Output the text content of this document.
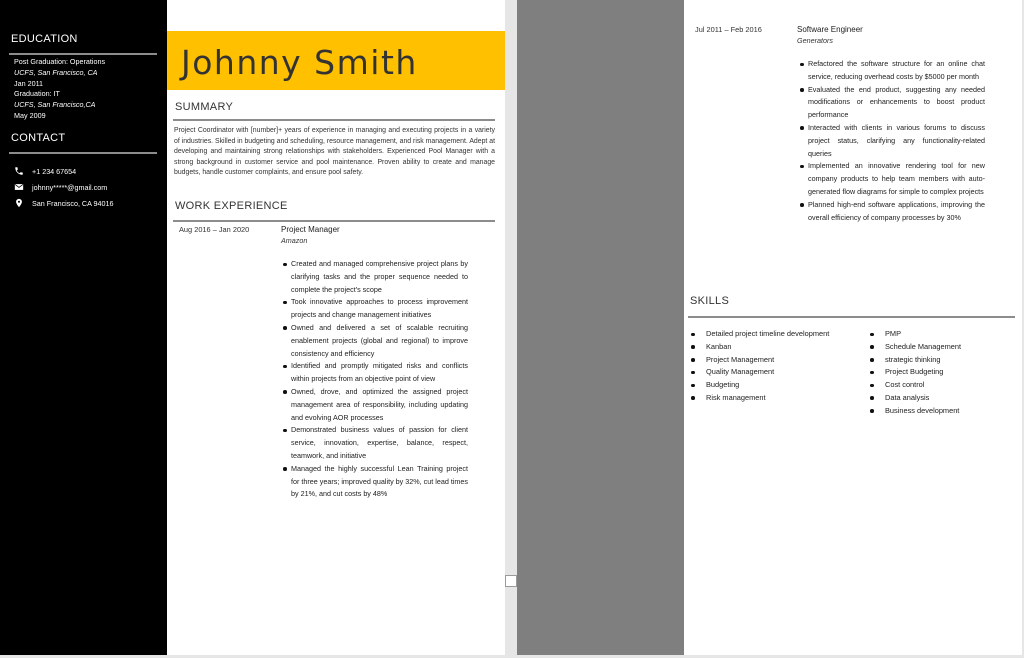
EDUCATION
Post Graduation: Operations
UCFS, San Francisco, CA
Jan 2011
Graduation: IT
UCFS, San Francisco,CA
May 2009
CONTACT
+1 234 67654
johnny*****@gmail.com
San Francisco, CA 94016
Johnny Smith
SUMMARY
Project Coordinator with [number]+ years of experience in managing and executing projects in a variety of industries. Skilled in budgeting and scheduling, resource management, and risk management. Adept at developing and maintaining strong relationships with stakeholders. Experienced Pool Manager with a strong background in customer service and pool maintenance. Proven ability to create and manage budgets, handle customer complaints, and ensure pool safety.
WORK EXPERIENCE
Aug 2016 – Jan 2020	Project Manager
Amazon
Created and managed comprehensive project plans by clarifying tasks and the proper sequence needed to complete the project's scope
Took innovative approaches to process improvement projects and change management initiatives
Owned and delivered a set of scalable recruiting enablement projects (global and regional) to improve consistency and efficiency
Identified and promptly mitigated risks and conflicts within projects from an objective point of view
Owned, drove, and optimized the assigned project management area of responsibility, including updating and evolving AOR processes
Demonstrated business values of passion for client service, innovation, expertise, balance, respect, teamwork, and initiative
Managed the highly successful Lean Training project for three years; improved quality by 32%, cut lead times by 21%, and cut costs by 48%
Jul 2011 – Feb 2016	Software Engineer
Generators
Refactored the software structure for an online chat service, reducing overhead costs by $5000 per month
Evaluated the end product, suggesting any needed modifications or enhancements to boost product performance
Interacted with clients in various forums to discuss project status, clarifying any functionality-related queries
Implemented an innovative rendering tool for new company products to help team members with auto-generated flow diagrams for simple to complex projects
Planned high-end software applications, improving the overall efficiency of company processes by 30%
SKILLS
Detailed project timeline development
Kanban
Project Management
Quality Management
Budgeting
Risk management
PMP
Schedule Management
strategic thinking
Project Budgeting
Cost control
Data analysis
Business development
